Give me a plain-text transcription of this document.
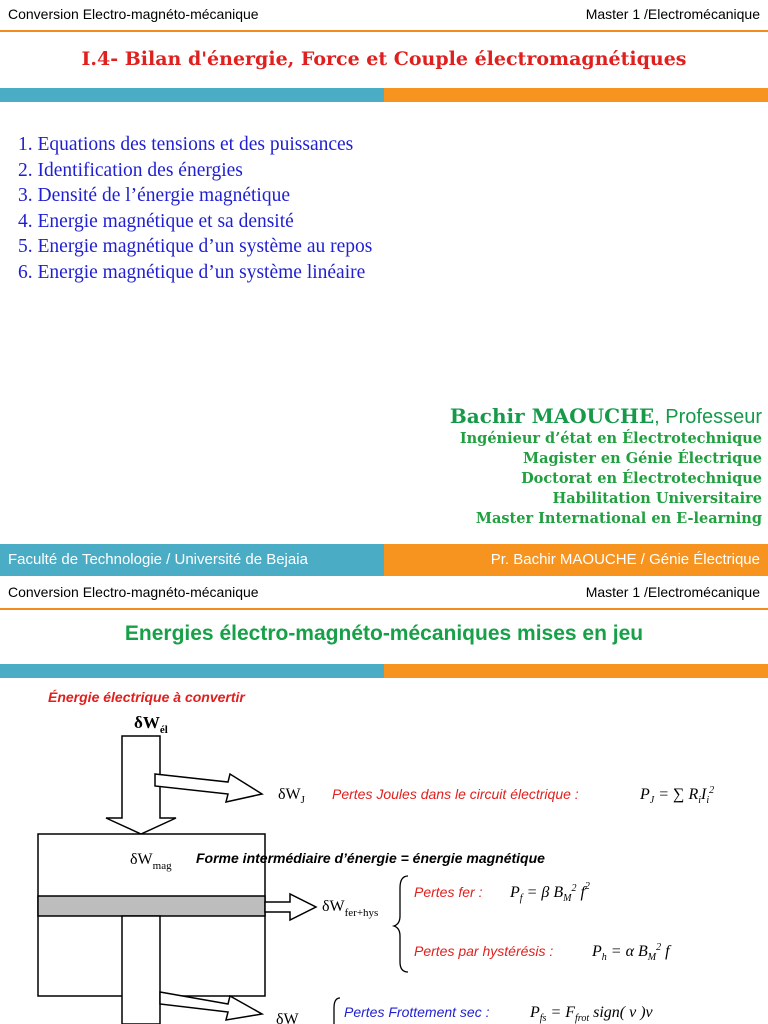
Conversion Electro-magnéto-mécanique	Master 1 /Electromécanique
I.4- Bilan d'énergie, Force et Couple électromagnétiques
1. Equations des tensions et des puissances
2. Identification des énergies
3. Densité de l’énergie magnétique
4. Energie magnétique et sa densité
5. Energie magnétique d’un système au repos
6. Energie magnétique d’un système linéaire
Bachir MAOUCHE, Professeur
Ingénieur d’état en Électrotechnique
Magister en Génie Électrique
Doctorat en Électrotechnique
Habilitation Universitaire
Master International en E-learning
Faculté de Technologie / Université de Bejaia	Pr. Bachir MAOUCHE / Génie Électrique
Conversion Electro-magnéto-mécanique	Master 1 /Electromécanique
Energies électro-magnéto-mécaniques mises en jeu
Énergie électrique à convertir
$\delta W_{él}$
$\delta W_J$ Pertes Joules dans le circuit électrique :	$P_J$ = ∑ $R_iI_i^2$
$\delta W_{mag}$ Forme intermédiaire d’énergie = énergie magnétique
$\delta W_{fer+hys}$
Pertes fer : $P_f = \beta$ $B_M^2$ $f^2$
Pertes par hystérésis : $P_h = \alpha$ $B_M^2$ f
δW	Pertes Frottement sec :	$P_{fs} = F_{frot}$ sign( v )v
